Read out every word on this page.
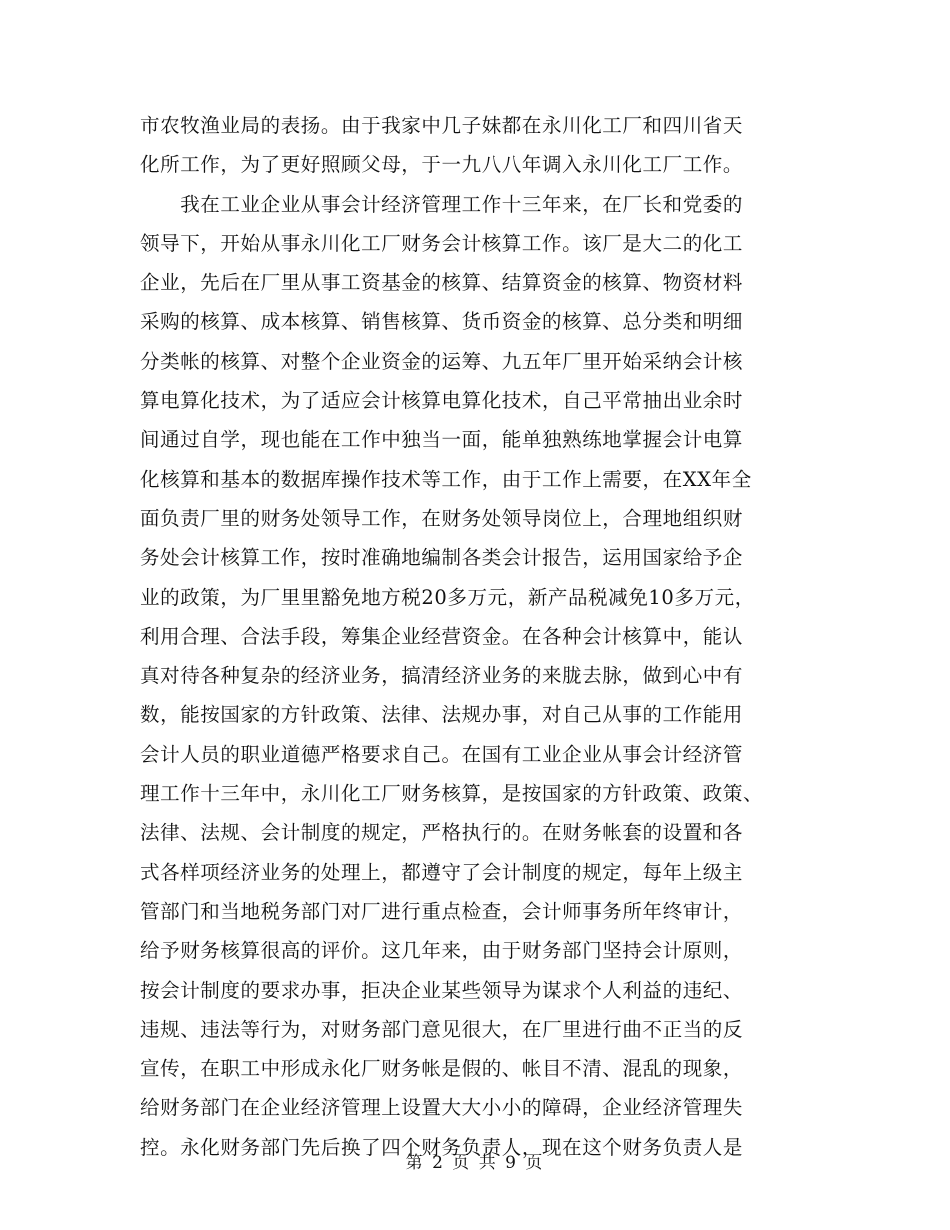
市农牧渔业局的表扬。由于我家中几子妹都在永川化工厂和四川省天
化所工作，为了更好照顾父母，于一九八八年调入永川化工厂工作。
　　我在工业企业从事会计经济管理工作十三年来，在厂长和党委的
领导下，开始从事永川化工厂财务会计核算工作。该厂是大二的化工
企业，先后在厂里从事工资基金的核算、结算资金的核算、物资材料
采购的核算、成本核算、销售核算、货币资金的核算、总分类和明细
分类帐的核算、对整个企业资金的运筹、九五年厂里开始采纳会计核
算电算化技术，为了适应会计核算电算化技术，自己平常抽出业余时
间通过自学，现也能在工作中独当一面，能单独熟练地掌握会计电算
化核算和基本的数据库操作技术等工作，由于工作上需要，在XX年全
面负责厂里的财务处领导工作，在财务处领导岗位上，合理地组织财
务处会计核算工作，按时准确地编制各类会计报告，运用国家给予企
业的政策，为厂里里豁免地方税20多万元，新产品税减免10多万元，
利用合理、合法手段，筹集企业经营资金。在各种会计核算中，能认
真对待各种复杂的经济业务，搞清经济业务的来胧去脉，做到心中有
数，能按国家的方针政策、法律、法规办事，对自己从事的工作能用
会计人员的职业道德严格要求自己。在国有工业企业从事会计经济管
理工作十三年中，永川化工厂财务核算，是按国家的方针政策、政策、
法律、法规、会计制度的规定，严格执行的。在财务帐套的设置和各
式各样项经济业务的处理上，都遵守了会计制度的规定，每年上级主
管部门和当地税务部门对厂进行重点检查，会计师事务所年终审计，
给予财务核算很高的评价。这几年来，由于财务部门坚持会计原则，
按会计制度的要求办事，拒决企业某些领导为谋求个人利益的违纪、
违规、违法等行为，对财务部门意见很大，在厂里进行曲不正当的反
宣传，在职工中形成永化厂财务帐是假的、帐目不清、混乱的现象，
给财务部门在企业经济管理上设置大大小小的障碍，企业经济管理失
控。永化财务部门先后换了四个财务负责人，现在这个财务负责人是
第 2 页 共 9 页
